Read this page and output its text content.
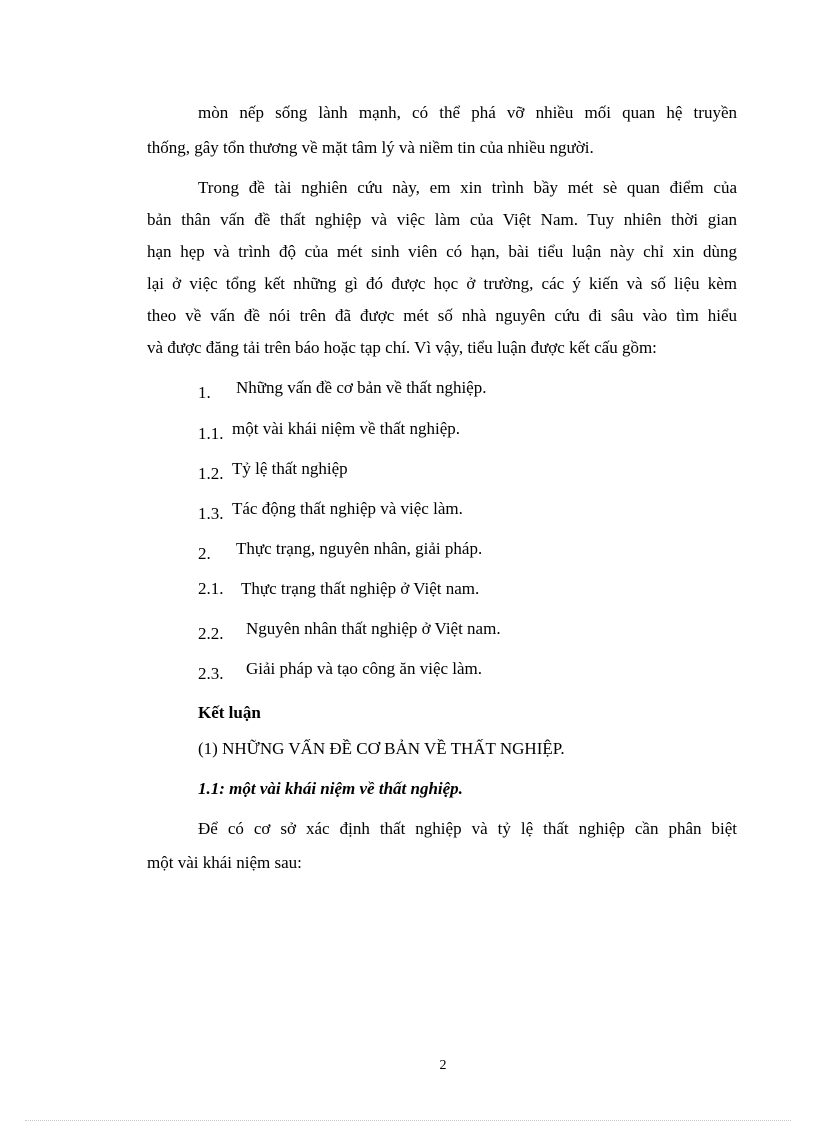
mòn nếp sống lành mạnh, có thể phá vỡ nhiều mối quan hệ truyền
thống, gây tổn thương về mặt tâm lý và niềm tin của nhiều người.
Trong đề tài nghiên cứu này, em xin trình bầy mét sè quan điểm của
bản thân vấn đề thất nghiệp và việc làm của Việt Nam. Tuy nhiên thời gian
hạn hẹp và trình độ của mét sinh viên có hạn, bài tiểu luận này chỉ xin dùng
lại ở việc tổng kết những gì đó được học ở trường, các ý kiến và số liệu kèm
theo về vấn đề nói trên đã được mét số nhà nguyên cứu đi sâu vào tìm hiểu
và được đăng tải trên báo hoặc tạp chí. Vì vậy, tiểu luận được kết cấu gồm:
1. Những vấn đề cơ bản về thất nghiệp.
1.1. một vài khái niệm về thất nghiệp.
1.2. Tỷ lệ thất nghiệp
1.3. Tác động thất nghiệp và việc làm.
2. Thực trạng, nguyên nhân, giải pháp.
2.1. Thực trạng thất nghiệp ở Việt nam.
2.2. Nguyên nhân thất nghiệp ở Việt nam.
2.3. Giải pháp và tạo công ăn việc làm.
Kết luận
(1) NHỮNG VẤN ĐỀ CƠ BẢN VỀ THẤT NGHIỆP.
1.1: một vài khái niệm về thất nghiệp.
Để có cơ sở xác định thất nghiệp và tỷ lệ thất nghiệp cần phân biệt
một vài khái niệm sau:
2
